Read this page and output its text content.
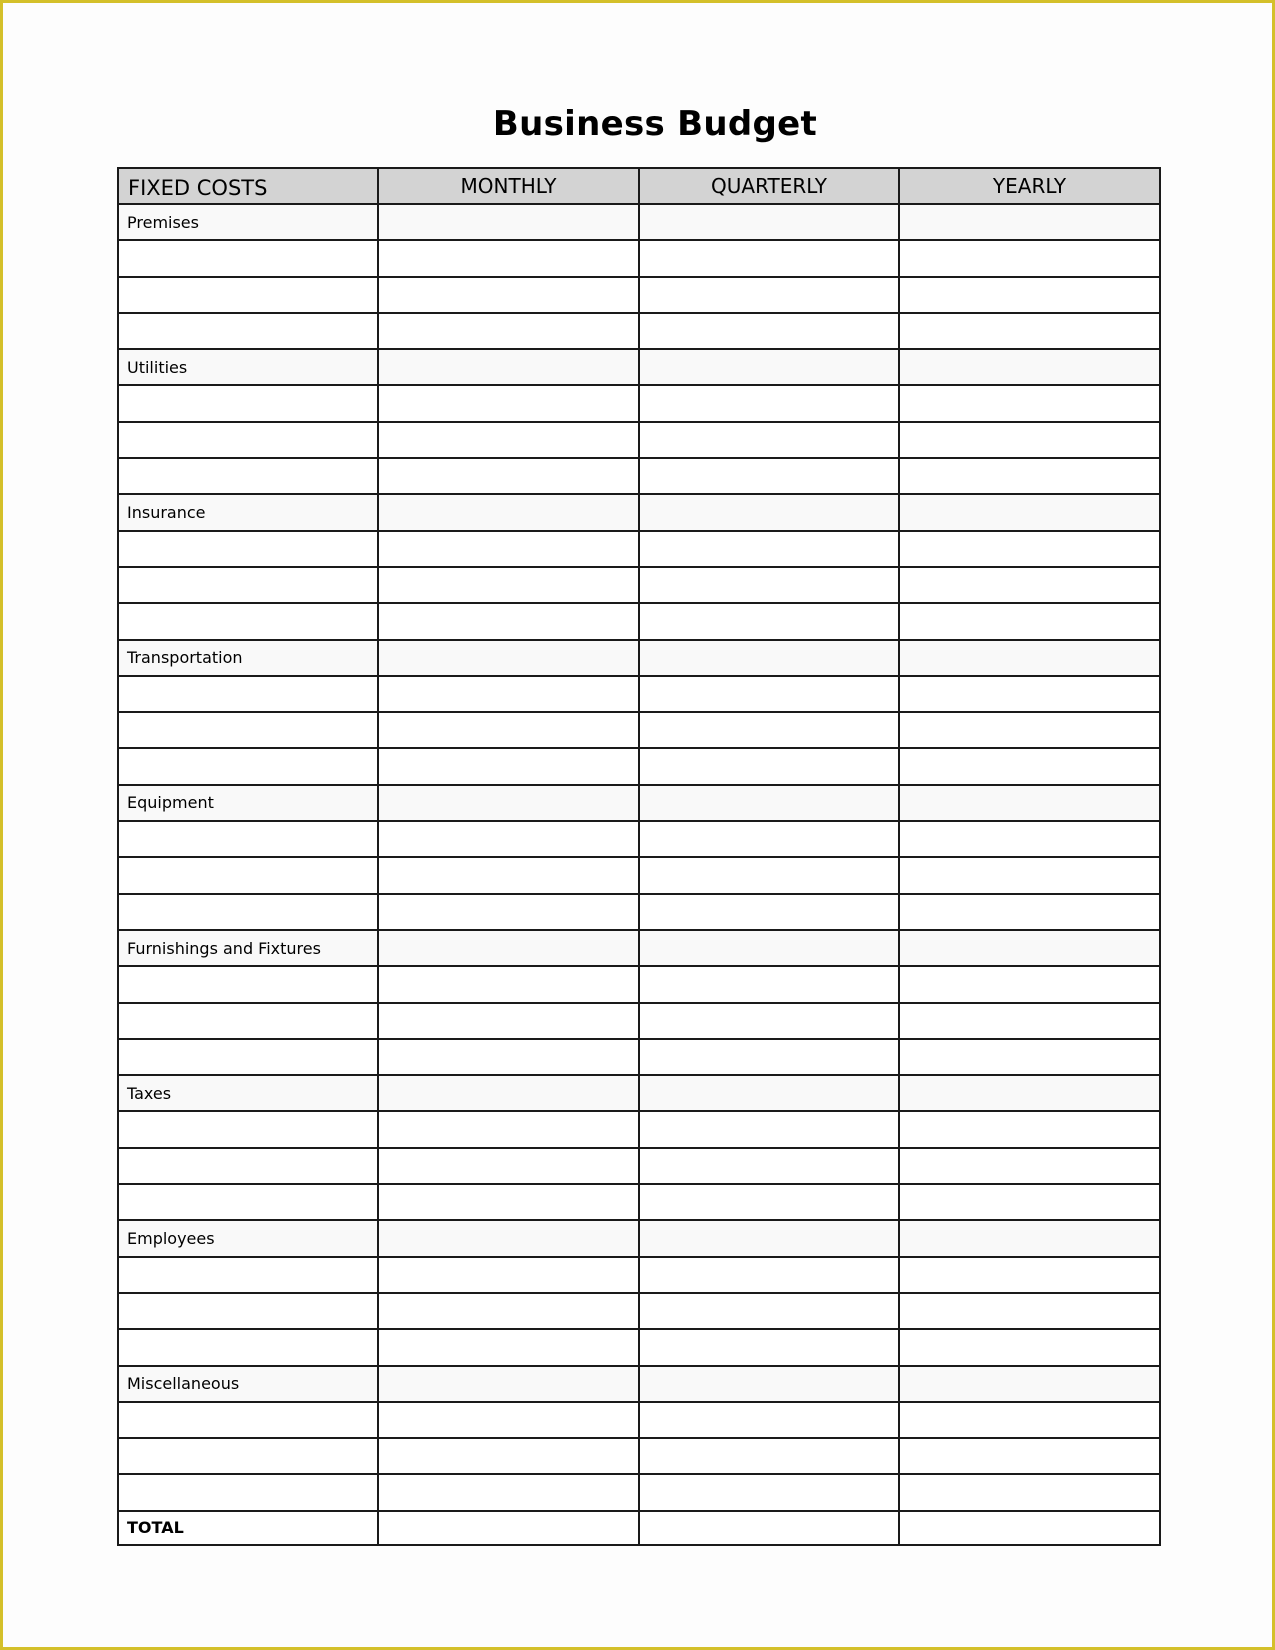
Business Budget
FIXED COSTS	MONTHLY	QUARTERLY	YEARLY
Premises			

Utilities			

Insurance			

Transportation			

Equipment			

Furnishings and Fixtures			

Taxes			

Employees			

Miscellaneous			

TOTAL			
